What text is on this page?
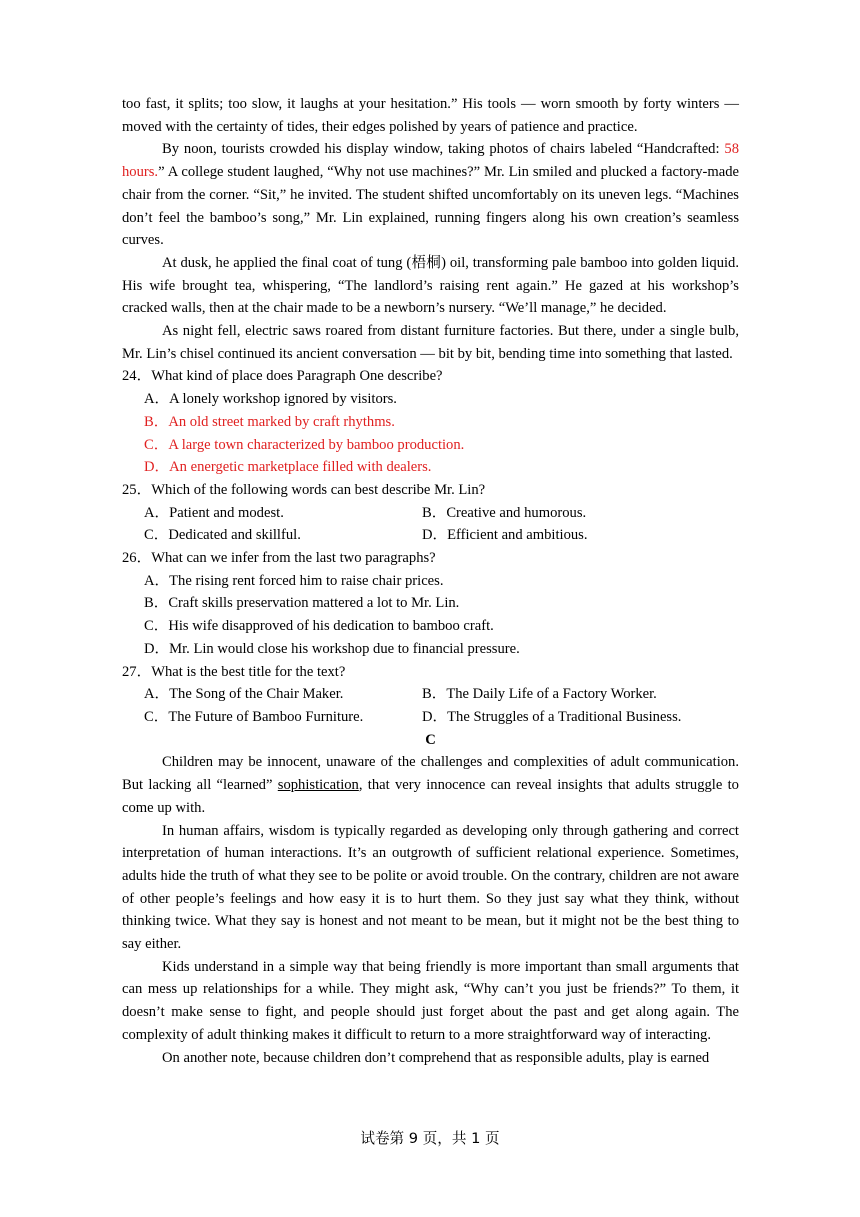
too fast, it splits; too slow, it laughs at your hesitation.” His tools — worn smooth by forty winters — moved with the certainty of tides, their edges polished by years of patience and practice.

By noon, tourists crowded his display window, taking photos of chairs labeled “Handcrafted: 58 hours.” A college student laughed, “Why not use machines?” Mr. Lin smiled and plucked a factory-made chair from the corner. “Sit,” he invited. The student shifted uncomfortably on its uneven legs. “Machines don’t feel the bamboo’s song,” Mr. Lin explained, running fingers along his own creation’s seamless curves.

At dusk, he applied the final coat of tung (梧桐) oil, transforming pale bamboo into golden liquid. His wife brought tea, whispering, “The landlord’s raising rent again.” He gazed at his workshop’s cracked walls, then at the chair made to be a newborn’s nursery. “We’ll manage,” he decided.

As night fell, electric saws roared from distant furniture factories. But there, under a single bulb, Mr. Lin’s chisel continued its ancient conversation — bit by bit, bending time into something that lasted.

24．What kind of place does Paragraph One describe?

A．A lonely workshop ignored by visitors.

B．An old street marked by craft rhythms.

C．A large town characterized by bamboo production.

D．An energetic marketplace filled with dealers.

25．Which of the following words can best describe Mr. Lin?

A．Patient and modest.	B．Creative and humorous.
C．Dedicated and skillful.	D．Efficient and ambitious.

26．What can we infer from the last two paragraphs?

A．The rising rent forced him to raise chair prices.

B．Craft skills preservation mattered a lot to Mr. Lin.

C．His wife disapproved of his dedication to bamboo craft.

D．Mr. Lin would close his workshop due to financial pressure.

27．What is the best title for the text?

A．The Song of the Chair Maker.	B．The Daily Life of a Factory Worker.
C．The Future of Bamboo Furniture.	D．The Struggles of a Traditional Business.

C

Children may be innocent, unaware of the challenges and complexities of adult communication. But lacking all “learned” sophistication, that very innocence can reveal insights that adults struggle to come up with.

In human affairs, wisdom is typically regarded as developing only through gathering and correct interpretation of human interactions. It’s an outgrowth of sufficient relational experience. Sometimes, adults hide the truth of what they see to be polite or avoid trouble. On the contrary, children are not aware of other people’s feelings and how easy it is to hurt them. So they just say what they think, without thinking twice. What they say is honest and not meant to be mean, but it might not be the best thing to say either.

Kids understand in a simple way that being friendly is more important than small arguments that can mess up relationships for a while. They might ask, “Why can’t you just be friends?” To them, it doesn’t make sense to fight, and people should just forget about the past and get along again. The complexity of adult thinking makes it difficult to return to a more straightforward way of interacting.

On another note, because children don’t comprehend that as responsible adults, play is earned

试卷第 9 页，共 1 页
